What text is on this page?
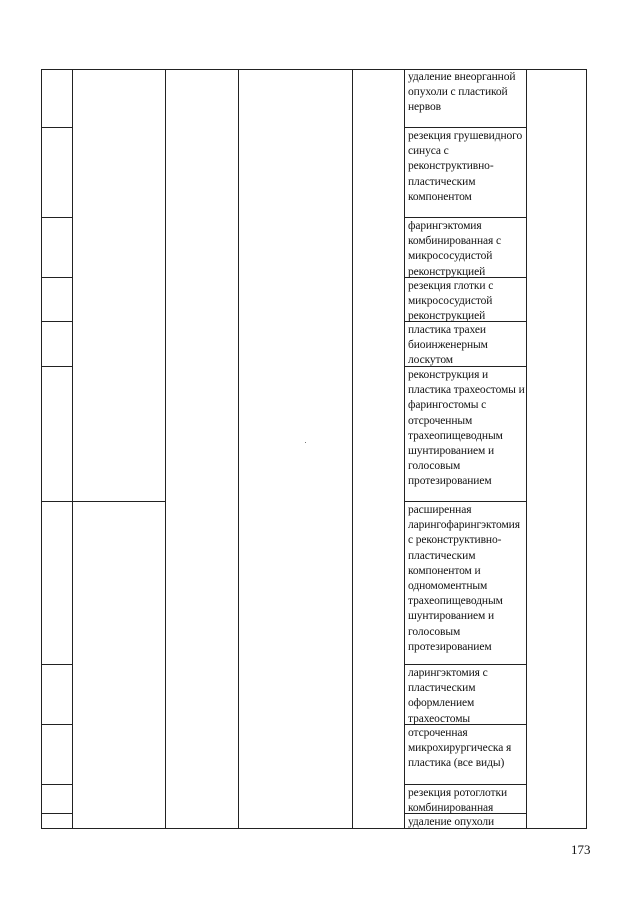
удаление внеорганной опухоли с пластикой нервов
резекция грушевидного синуса с реконструктивно-пластическим компонентом
фарингэктомия комбинированная с микрососудистой реконструкцией
резекция глотки с микрососудистой реконструкцией
пластика трахеи биоинженерным лоскутом
реконструкция и пластика трахеостомы и фарингостомы с отсроченным трахеопищеводным шунтированием и голосовым протезированием
расширенная ларингофарингэктомия с реконструктивно-пластическим компонентом и одномоментным трахеопищеводным шунтированием и голосовым протезированием
ларингэктомия с пластическим оформлением трахеостомы
отсроченная микрохирургическа я пластика (все виды)
резекция ротоглотки комбинированная
удаление опухоли
173
